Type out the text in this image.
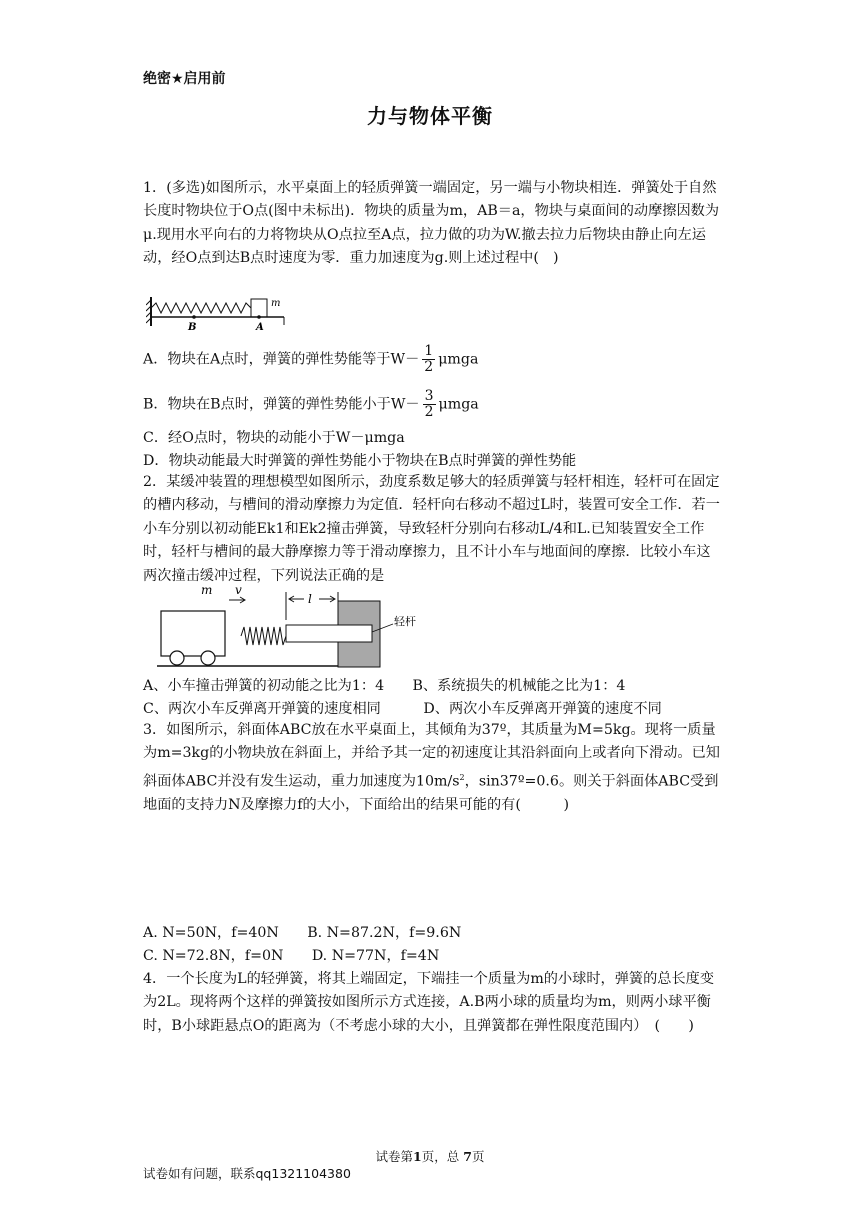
绝密★启用前
力与物体平衡
1．(多选)如图所示，水平桌面上的轻质弹簧一端固定，另一端与小物块相连．弹簧处于自然长度时物块位于O点(图中未标出)．物块的质量为m，AB＝a，物块与桌面间的动摩擦因数为μ.现用水平向右的力将物块从O点拉至A点，拉力做的功为W.撤去拉力后物块由静止向左运动，经O点到达B点时速度为零．重力加速度为g.则上述过程中(　)
m
B	A
A．物块在A点时，弹簧的弹性势能等于$W- \frac{1}{2}$ μmga
B．物块在B点时，弹簧的弹性势能小于$W- \frac{3}{2}$ μmga
C．经O点时，物块的动能小于W－μmga
D．物块动能最大时弹簧的弹性势能小于物块在B点时弹簧的弹性势能
2．某缓冲装置的理想模型如图所示，劲度系数足够大的轻质弹簧与轻杆相连，轻杆可在固定的槽内移动，与槽间的滑动摩擦力为定值．轻杆向右移动不超过L时，装置可安全工作．若一小车分别以初动能Ek1和Ek2撞击弹簧，导致轻杆分别向右移动L/4和L.已知装置安全工作时，轻杆与槽间的最大静摩擦力等于滑动摩擦力，且不计小车与地面间的摩擦．比较小车这两次撞击缓冲过程，下列说法正确的是
m v
l
轻杆
A、小车撞击弹簧的初动能之比为1：4　　B、系统损失的机械能之比为1：4
C、两次小车反弹离开弹簧的速度相同　　　D、两次小车反弹离开弹簧的速度不同
3．如图所示，斜面体ABC放在水平桌面上，其倾角为37º，其质量为M=5kg。现将一质量为m=3kg的小物块放在斜面上，并给予其一定的初速度让其沿斜面向上或者向下滑动。已知斜面体ABC并没有发生运动，重力加速度为$10m/s^2$，sin37º=0.6。则关于斜面体ABC受到地面的支持力N及摩擦力f的大小，下面给出的结果可能的有(　　　)
A. N=50N，f=40N　　B. N=87.2N，f=9.6N
C. N=72.8N，f=0N　　D. N=77N，f=4N
4．一个长度为L的轻弹簧，将其上端固定，下端挂一个质量为m的小球时，弹簧的总长度变为2L。现将两个这样的弹簧按如图所示方式连接，A.B两小球的质量均为m，则两小球平衡时，B小球距悬点O的距离为（不考虑小球的大小，且弹簧都在弹性限度范围内）　(　　)
试卷第1页，总 7页
试卷如有问题，联系qq1321104380
